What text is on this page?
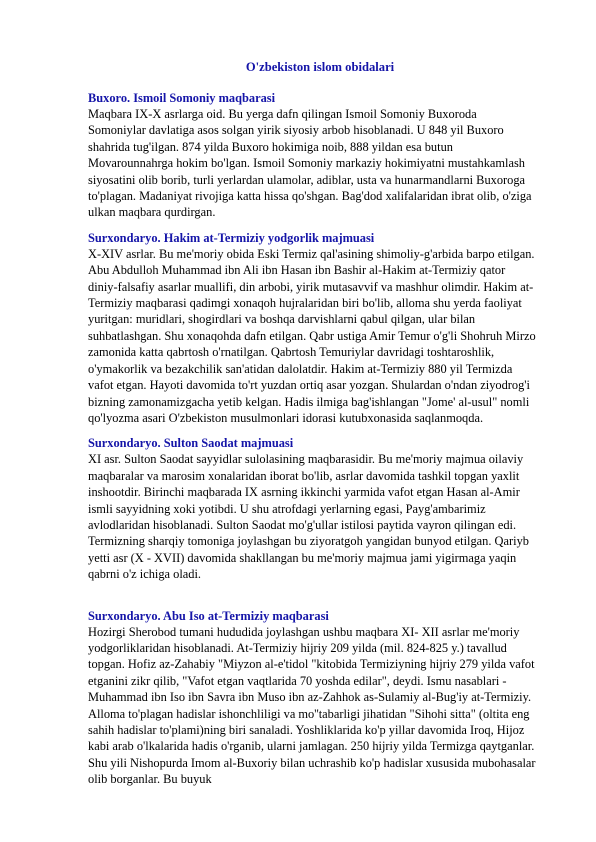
O'zbekiston islom obidalari

Buxoro. Ismoil Somoniy maqbarasi

Maqbara IX-X asrlarga oid. Bu yerga dafn qilingan Ismoil Somoniy Buxoroda Somoniylar davlatiga asos solgan yirik siyosiy arbob hisoblanadi. U 848 yil Buxoro shahrida tug'ilgan. 874 yilda Buxoro hokimiga noib, 888 yildan esa butun Movarounnahrga hokim bo'lgan. Ismoil Somoniy markaziy hokimiyatni mustahkamlash siyosatini olib borib, turli yerlardan ulamolar, adiblar, usta va hunarmandlarni Buxoroga to'plagan. Madaniyat rivojiga katta hissa qo'shgan. Bag'dod xalifalaridan ibrat olib, o'ziga ulkan maqbara qurdirgan.

Surxondaryo. Hakim at-Termiziy yodgorlik majmuasi

X-XIV asrlar. Bu me'moriy obida Eski Termiz qal'asining shimoliy-g'arbida barpo etilgan. Abu Abdulloh Muhammad ibn Ali ibn Hasan ibn Bashir al-Hakim at-Termiziy qator diniy-falsafiy asarlar muallifi, din arbobi, yirik mutasavvif va mashhur olimdir. Hakim at-Termiziy maqbarasi qadimgi xonaqoh hujralaridan biri bo'lib, alloma shu yerda faoliyat yuritgan: muridlari, shogirdlari va boshqa darvishlarni qabul qilgan, ular bilan suhbatlashgan. Shu xonaqohda dafn etilgan. Qabr ustiga Amir Temur o'g'li Shohruh Mirzo zamonida katta qabrtosh o'rnatilgan. Qabrtosh Temuriylar davridagi toshtaroshlik, o'ymakorlik va bezakchilik san'atidan dalolatdir. Hakim at-Termiziy 880 yil Termizda vafot etgan. Hayoti davomida to'rt yuzdan ortiq asar yozgan. Shulardan o'ndan ziyodrog'i bizning zamonamizgacha yetib kelgan. Hadis ilmiga bag'ishlangan "Jome' al-usul" nomli qo'lyozma asari O'zbekiston musulmonlari idorasi kutubxonasida saqlanmoqda.

Surxondaryo. Sulton Saodat majmuasi

XI asr. Sulton Saodat sayyidlar sulolasining maqbarasidir. Bu me'moriy majmua oilaviy maqbaralar va marosim xonalaridan iborat bo'lib, asrlar davomida tashkil topgan yaxlit inshootdir. Birinchi maqbarada IX asrning ikkinchi yarmida vafot etgan Hasan al-Amir ismli sayyidning xoki yotibdi. U shu atrofdagi yerlarning egasi, Payg'ambarimiz avlodlaridan hisoblanadi. Sulton Saodat mo'g'ullar istilosi paytida vayron qilingan edi. Termizning sharqiy tomoniga joylashgan bu ziyoratgoh yangidan bunyod etilgan. Qariyb yetti asr (X - XVII) davomida shakllangan bu me'moriy majmua jami yigirmaga yaqin qabrni o'z ichiga oladi.

Surxondaryo. Abu Iso at-Termiziy maqbarasi

Hozirgi Sherobod tumani hududida joylashgan ushbu maqbara XI- XII asrlar me'moriy yodgorliklaridan hisoblanadi. At-Termiziy hijriy 209 yilda (mil. 824-825 y.) tavallud topgan. Hofiz az-Zahabiy "Miyzon al-e'tidol "kitobida Termiziyning hijriy 279 yilda vafot etganini zikr qilib, "Vafot etgan vaqtlarida 70 yoshda edilar", deydi. Ismu nasablari - Muhammad ibn Iso ibn Savra ibn Muso ibn az-Zahhok as-Sulamiy al-Bug'iy at-Termiziy. Alloma to'plagan hadislar ishonchliligi va mo''tabarligi jihatidan "Sihohi sitta" (oltita eng sahih hadislar to'plami)ning biri sanaladi. Yoshliklarida ko'p yillar davomida Iroq, Hijoz kabi arab o'lkalarida hadis o'rganib, ularni jamlagan. 250 hijriy yilda Termizga qaytganlar. Shu yili Nishopurda Imom al-Buxoriy bilan uchrashib ko'p hadislar xususida mubohasalar olib borganlar. Bu buyuk
